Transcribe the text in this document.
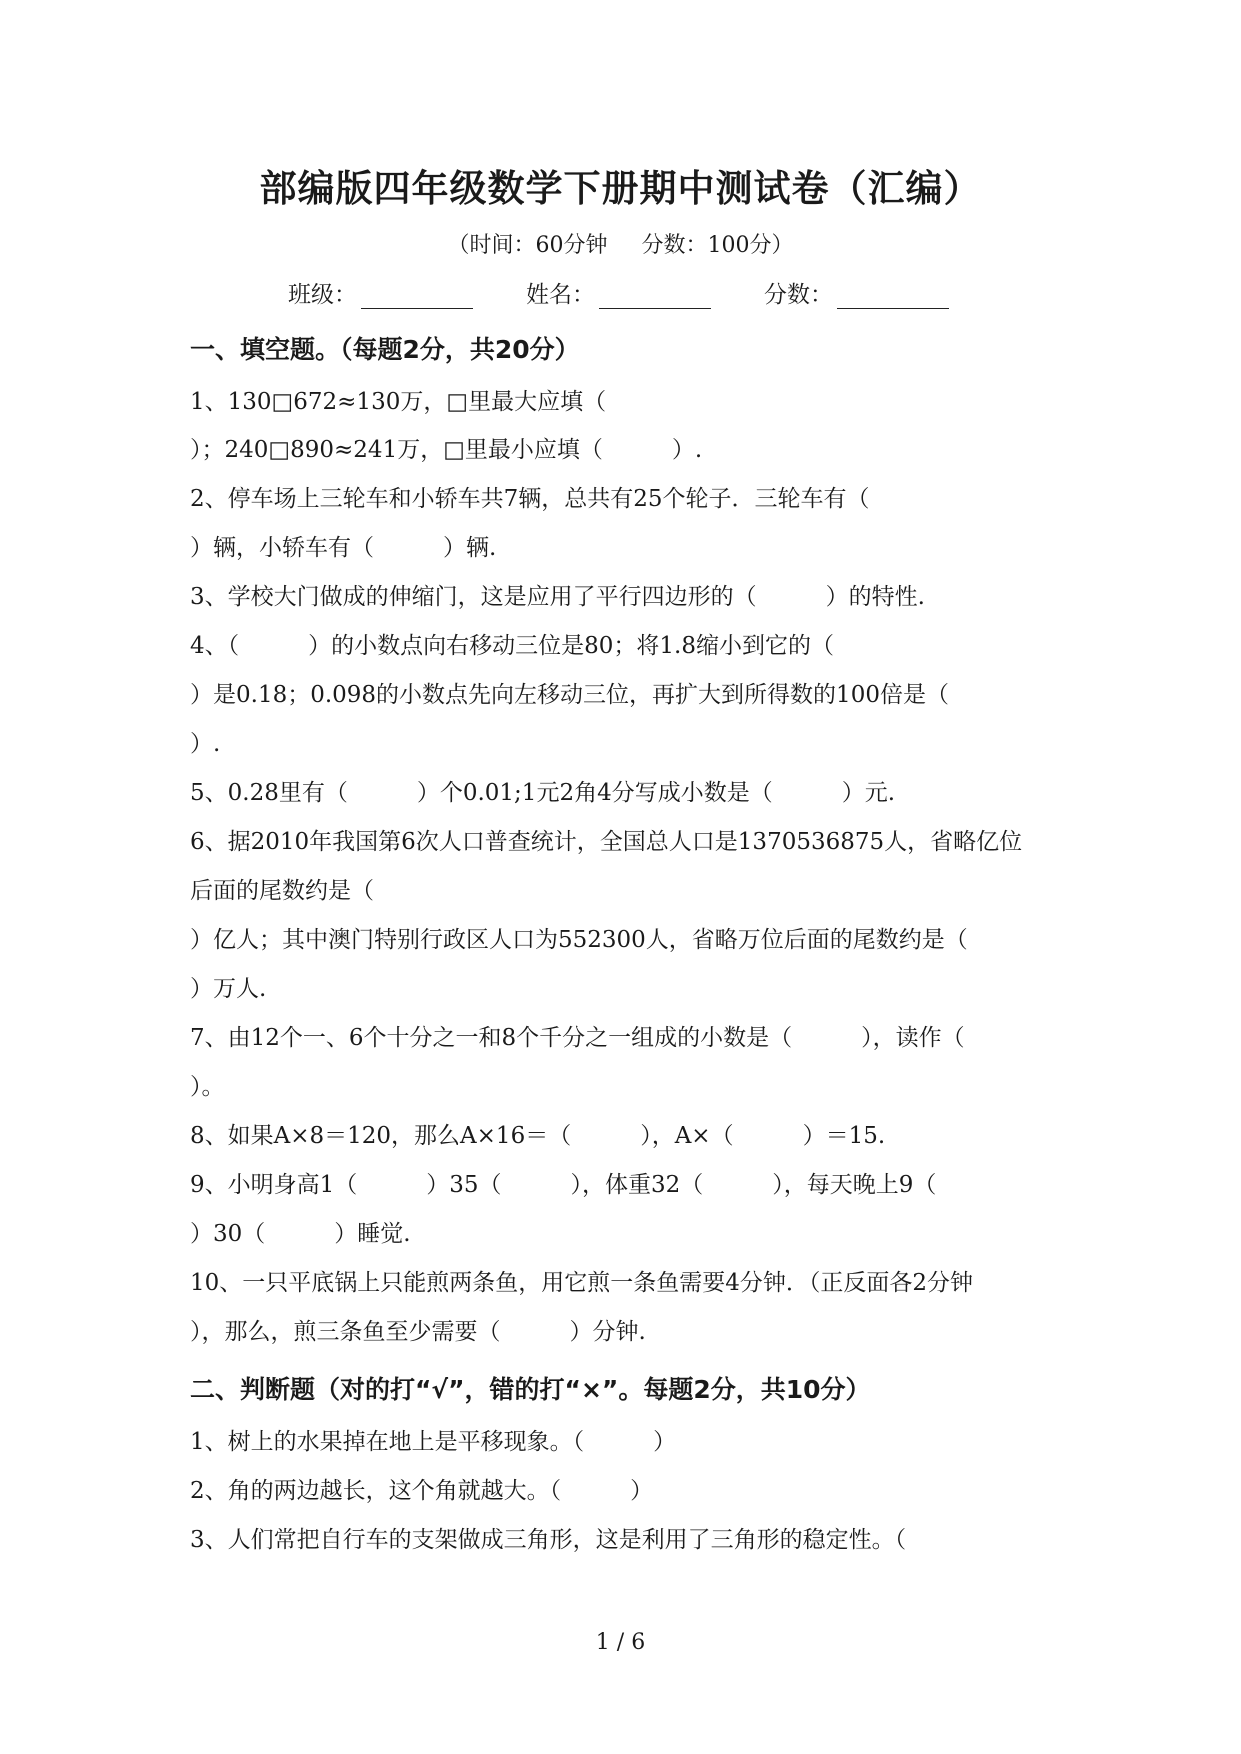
部编版四年级数学下册期中测试卷（汇编）
（时间：60分钟 分数：100分）
班级：	姓名：	分数：
一、填空题。（每题2分，共20分）
1、130□672≈130万，□里最大应填（
）；240□890≈241万，□里最小应填（　　　）.
2、停车场上三轮车和小轿车共7辆，总共有25个轮子．三轮车有（
）辆，小轿车有（　　　）辆.
3、学校大门做成的伸缩门，这是应用了平行四边形的（　　　）的特性.
4、（　　　）的小数点向右移动三位是80；将1.8缩小到它的（
）是0.18；0.098的小数点先向左移动三位，再扩大到所得数的100倍是（
）.
5、0.28里有（　　　）个0.01;1元2角4分写成小数是（　　　）元.
6、据2010年我国第6次人口普查统计，全国总人口是1370536875人，省略亿位
后面的尾数约是（
）亿人；其中澳门特别行政区人口为552300人，省略万位后面的尾数约是（
）万人.
7、由12个一、6个十分之一和8个千分之一组成的小数是（　　　），读作（
）。
8、如果A×8＝120，那么A×16＝（　　　），A×（　　　）＝15.
9、小明身高1（　　　）35（　　　），体重32（　　　），每天晚上9（
）30（　　　）睡觉.
10、一只平底锅上只能煎两条鱼，用它煎一条鱼需要4分钟．（正反面各2分钟
），那么，煎三条鱼至少需要（　　　）分钟.
二、判断题（对的打“√”，错的打“×”。每题2分，共10分）
1、树上的水果掉在地上是平移现象。（　　　）
2、角的两边越长，这个角就越大。（　　　）
3、人们常把自行车的支架做成三角形，这是利用了三角形的稳定性。（
1 / 6
